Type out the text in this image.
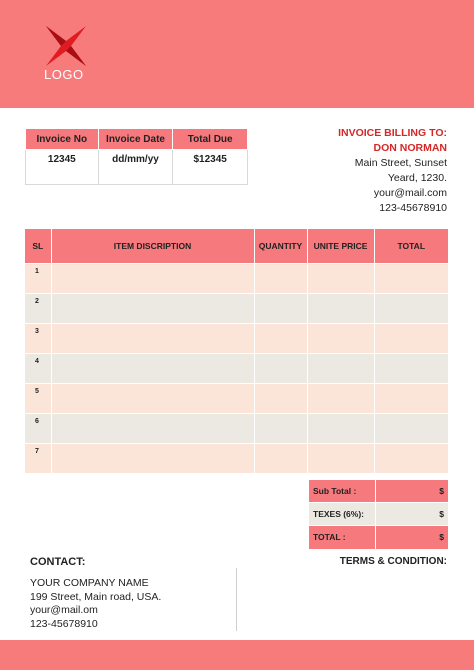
LOGO
Invoice No	Invoice Date	Total Due
12345	dd/mm/yy	$12345
INVOICE BILLING TO:
DON NORMAN
Main Street, Sunset
Yeard, 1230.
your@mail.com
123-45678910
SL	ITEM DISCRIPTION	QUANTITY	UNITE PRICE	TOTAL
1				
2				
3				
4				
5				
6				
7				
Sub Total :	$
TEXES (6%):	$
TOTAL :	$
CONTACT:
YOUR COMPANY NAME
199 Street, Main road, USA.
your@mail.om
123-45678910
TERMS & CONDITION:
